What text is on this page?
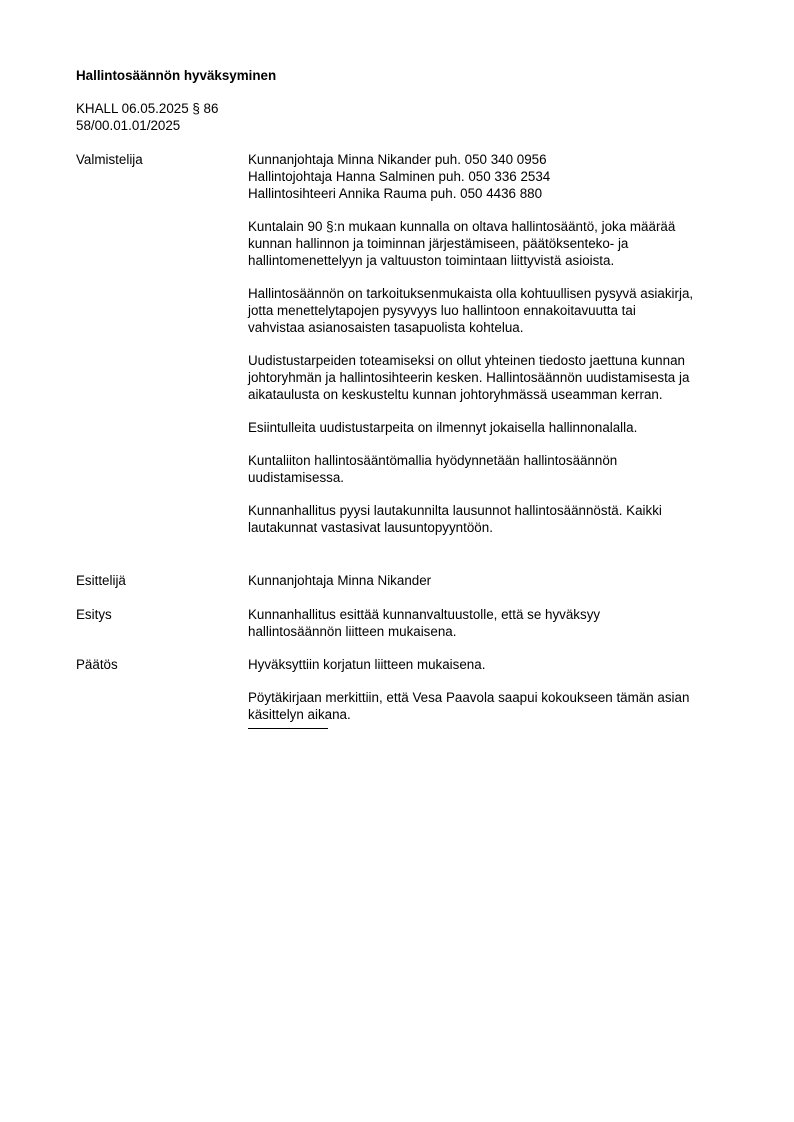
Hallintosäännön hyväksyminen
KHALL 06.05.2025 § 86
58/00.01.01/2025
Valmistelija	Kunnanjohtaja Minna Nikander puh. 050 340 0956
Hallintojohtaja Hanna Salminen puh. 050 336 2534
Hallintosihteeri Annika Rauma puh. 050 4436 880
Kuntalain 90 §:n mukaan kunnalla on oltava hallintosääntö, joka määrää
kunnan hallinnon ja toiminnan järjestämiseen, päätöksenteko- ja
hallintomenettelyyn ja valtuuston toimintaan liittyvistä asioista.
Hallintosäännön on tarkoituksenmukaista olla kohtuullisen pysyvä asiakirja,
jotta menettelytapojen pysyvyys luo hallintoon ennakoitavuutta tai
vahvistaa asianosaisten tasapuolista kohtelua.
Uudistustarpeiden toteamiseksi on ollut yhteinen tiedosto jaettuna kunnan
johtoryhmän ja hallintosihteerin kesken. Hallintosäännön uudistamisesta ja
aikataulusta on keskusteltu kunnan johtoryhmässä useamman kerran.
Esiintulleita uudistustarpeita on ilmennyt jokaisella hallinnonalalla.
Kuntaliiton hallintosääntömallia hyödynnetään hallintosäännön
uudistamisessa.
Kunnanhallitus pyysi lautakunnilta lausunnot hallintosäännöstä. Kaikki
lautakunnat vastasivat lausuntopyyntöön.
Esittelijä	Kunnanjohtaja Minna Nikander
Esitys	Kunnanhallitus esittää kunnanvaltuustolle, että se hyväksyy
hallintosäännön liitteen mukaisena.
Päätös	Hyväksyttiin korjatun liitteen mukaisena.
Pöytäkirjaan merkittiin, että Vesa Paavola saapui kokoukseen tämän asian
käsittelyn aikana.
